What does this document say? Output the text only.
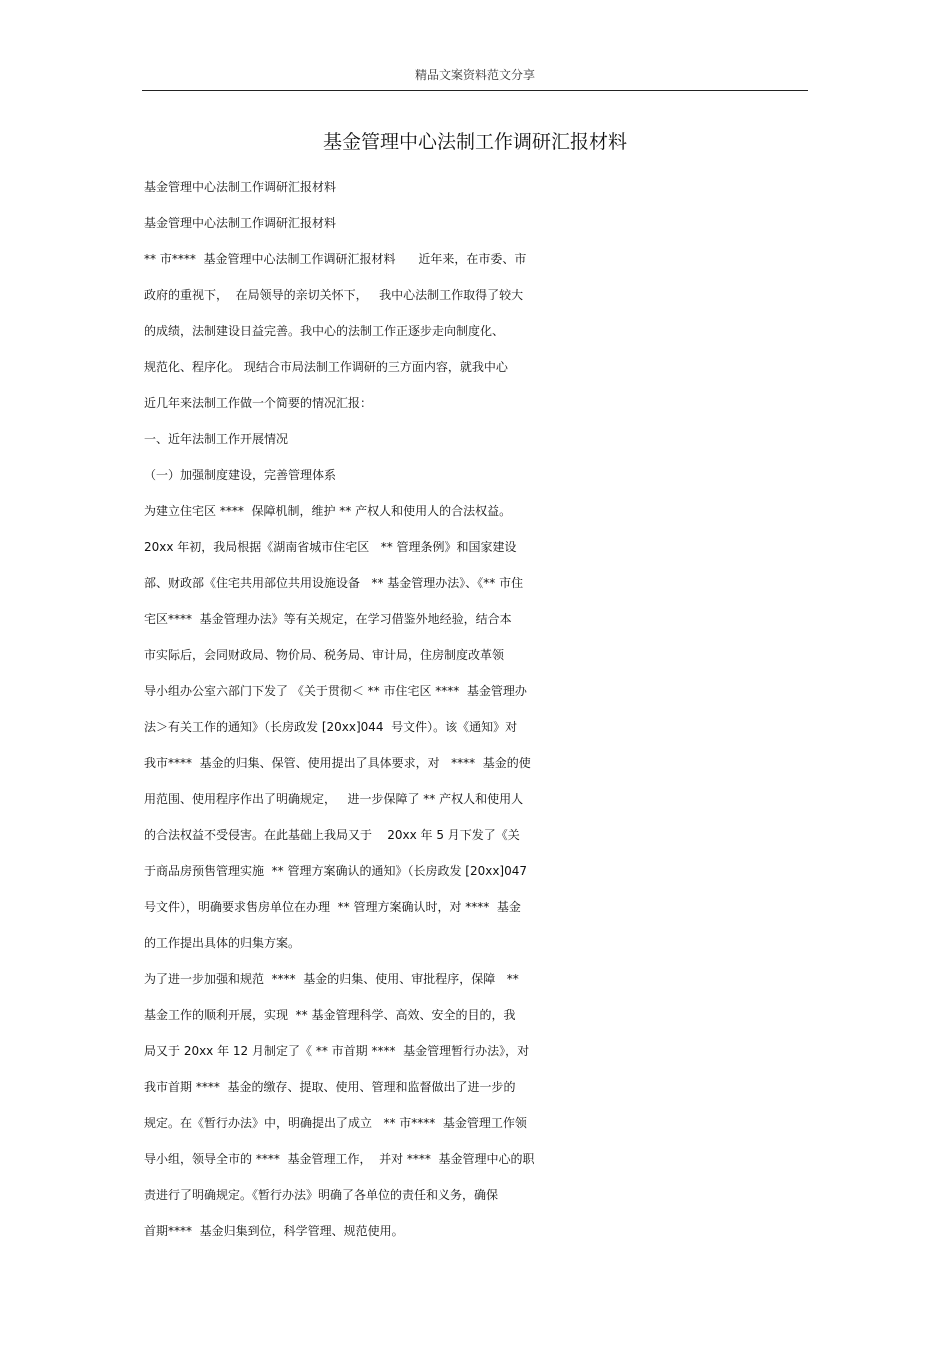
精品文案资料范文分享
基金管理中心法制工作调研汇报材料
基金管理中心法制工作调研汇报材料
基金管理中心法制工作调研汇报材料
** 市****  基金管理中心法制工作调研汇报材料      近年来，在市委、市
政府的重视下，  在局领导的亲切关怀下，   我中心法制工作取得了较大
的成绩，法制建设日益完善。我中心的法制工作正逐步走向制度化、
规范化、程序化。 现结合市局法制工作调研的三方面内容，就我中心
近几年来法制工作做一个简要的情况汇报：
一、近年法制工作开展情况
（一）加强制度建设，完善管理体系
为建立住宅区 ****  保障机制，维护 ** 产权人和使用人的合法权益。
20xx 年初，我局根据《湖南省城市住宅区   ** 管理条例》和国家建设
部、财政部《住宅共用部位共用设施设备   ** 基金管理办法》、《** 市住
宅区****  基金管理办法》等有关规定，在学习借鉴外地经验，结合本
市实际后，会同财政局、物价局、税务局、审计局，住房制度改革领
导小组办公室六部门下发了 《关于贯彻＜ ** 市住宅区 ****  基金管理办
法＞有关工作的通知》（长房政发 [20xx]044  号文件）。该《通知》对
我市****  基金的归集、保管、使用提出了具体要求，对   ****  基金的使
用范围、使用程序作出了明确规定，   进一步保障了 ** 产权人和使用人
的合法权益不受侵害。在此基础上我局又于    20xx 年 5 月下发了《关
于商品房预售管理实施  ** 管理方案确认的通知》（长房政发 [20xx]047
号文件），明确要求售房单位在办理  ** 管理方案确认时，对 ****  基金
的工作提出具体的归集方案。
为了进一步加强和规范  ****  基金的归集、使用、审批程序，保障   **
基金工作的顺利开展，实现  ** 基金管理科学、高效、安全的目的，我
局又于 20xx 年 12 月制定了《 ** 市首期 ****  基金管理暂行办法》，对
我市首期 ****  基金的缴存、提取、使用、管理和监督做出了进一步的
规定。在《暂行办法》中，明确提出了成立   ** 市****  基金管理工作领
导小组，领导全市的 ****  基金管理工作，  并对 ****  基金管理中心的职
责进行了明确规定。《暂行办法》明确了各单位的责任和义务，确保
首期****  基金归集到位，科学管理、规范使用。
